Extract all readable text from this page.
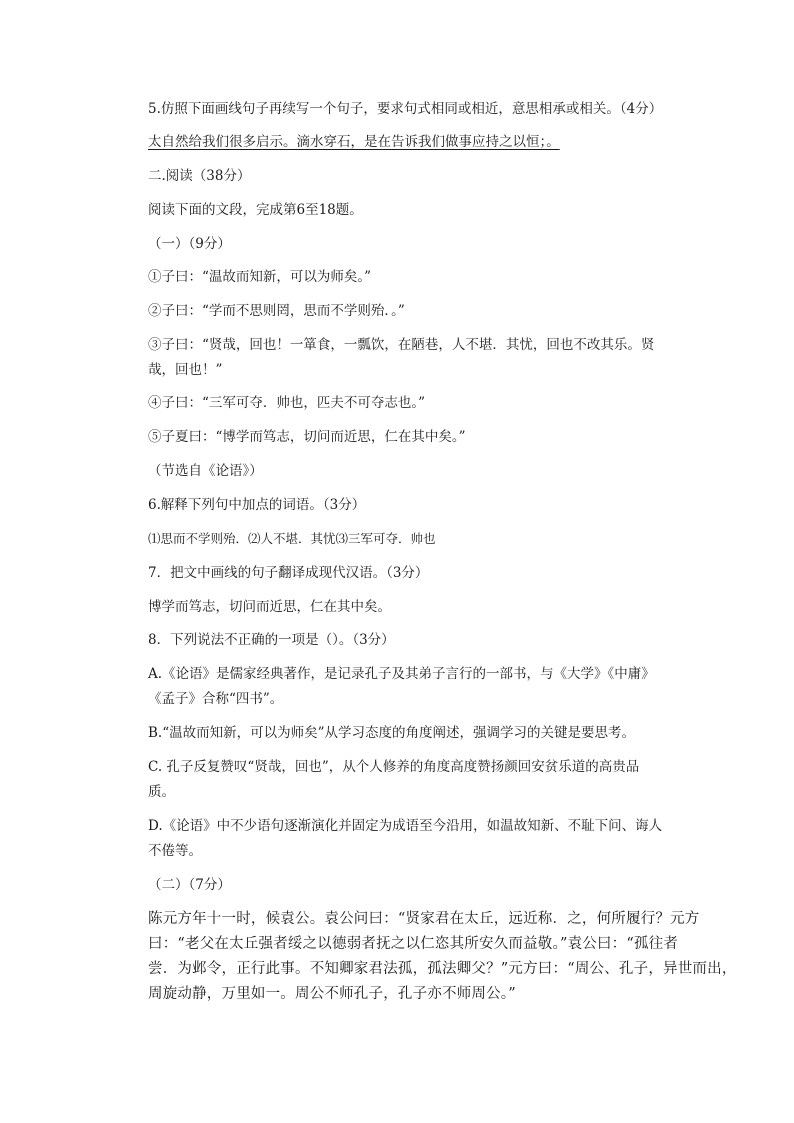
5.仿照下面画线句子再续写一个句子，要求句式相同或相近，意思相承或相关。（4分）
太自然给我们很多启示。滴水穿石，是在告诉我们做事应持之以恒；。
二.阅读（38分）
阅读下面的文段，完成第6至18题。
（一）（9分）
①子曰：“温故而知新，可以为师矣。”
②子曰：“学而不思则罔，思而不学则殆．。”
③子曰：“贤哉，回也！一箪食，一瓢饮，在陋巷，人不堪．其忧，回也不改其乐。贤
哉，回也！”
④子曰：“三军可夺．帅也，匹夫不可夺志也。”
⑤子夏曰：“博学而笃志，切问而近思，仁在其中矣。”
（节选自《论语》）
6.解释下列句中加点的词语。（3分）
⑴思而不学则殆．⑵人不堪．其忧⑶三军可夺．帅也
7．把文中画线的句子翻译成现代汉语。（3分）
博学而笃志，切问而近思，仁在其中矣。
8．下列说法不正确的一项是（）。（3分）
A.《论语》是儒家经典著作，是记录孔子及其弟子言行的一部书，与《大学》《中庸》
《孟子》合称“四书”。
B.“温故而知新，可以为师矣”从学习态度的角度阐述，强调学习的关键是要思考。
C. 孔子反复赞叹“贤哉，回也”，从个人修养的角度高度赞扬颜回安贫乐道的高贵品
质。
D.《论语》中不少语句逐渐演化并固定为成语至今沿用，如温故知新、不耻下问、诲人
不倦等。
（二）（7分）
陈元方年十一时，候袁公。袁公问曰：“贤家君在太丘，远近称．之，何所履行？元方
曰：“老父在太丘强者绥之以德弱者抚之以仁恣其所安久而益敬。”袁公曰：“孤往者
尝．为邺令，正行此事。不知卿家君法孤，孤法卿父？”元方曰：“周公、孔子，异世而出，
周旋动静，万里如一。周公不师孔子，孔子亦不师周公。”
